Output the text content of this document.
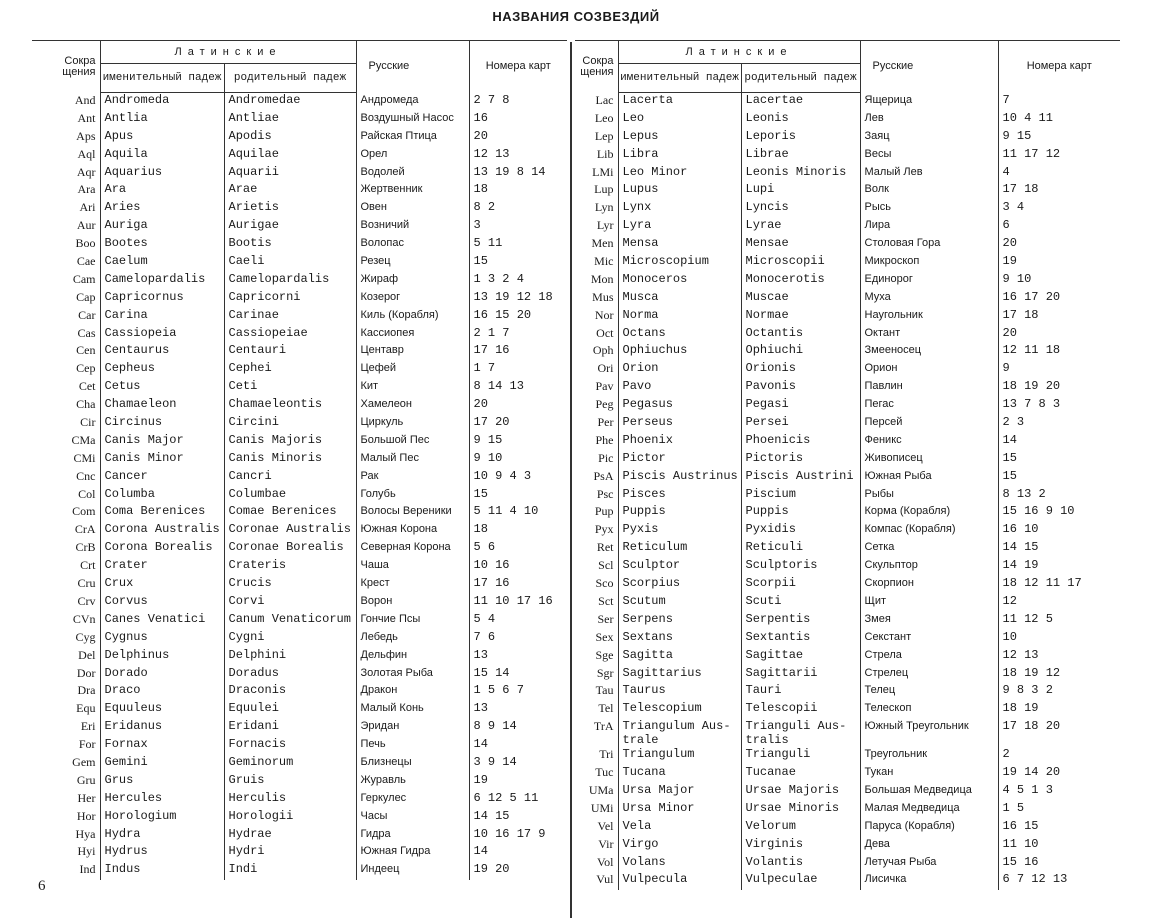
НАЗВАНИЯ СОЗВЕЗДИЙ
Сокра щения	Латинские		Русские	Номера карт
	именительный падеж	родительный падеж		
And	Andromeda	Andromedae	Андромеда	2 7 8
Ant	Antlia	Antliae	Воздушный Насос	16
Aps	Apus	Apodis	Райская Птица	20
Aql	Aquila	Aquilae	Орел	12 13
Aqr	Aquarius	Aquarii	Водолей	13 19 8 14
Ara	Ara	Arae	Жертвенник	18
Ari	Aries	Arietis	Овен	8 2
Aur	Auriga	Aurigae	Возничий	3
Boo	Bootes	Bootis	Волопас	5 11
Cae	Caelum	Caeli	Резец	15
Cam	Camelopardalis	Camelopardalis	Жираф	1 3 2 4
Cap	Capricornus	Capricorni	Козерог	13 19 12 18
Car	Carina	Carinae	Киль (Корабля)	16 15 20
Cas	Cassiopeia	Cassiopeiae	Кассиопея	2 1 7
Cen	Centaurus	Centauri	Центавр	17 16
Cep	Cepheus	Cephei	Цефей	1 7
Cet	Cetus	Ceti	Кит	8 14 13
Cha	Chamaeleon	Chamaeleontis	Хамелеон	20
Cir	Circinus	Circini	Циркуль	17 20
CMa	Canis Major	Canis Majoris	Большой Пес	9 15
CMi	Canis Minor	Canis Minoris	Малый Пес	9 10
Cnc	Cancer	Cancri	Рак	10 9 4 3
Col	Columba	Columbae	Голубь	15
Com	Coma Berenices	Comae Berenices	Волосы Вереники	5 11 4 10
CrA	Corona Australis	Coronae Australis	Южная Корона	18
CrB	Corona Borealis	Coronae Borealis	Северная Корона	5 6
Crt	Crater	Crateris	Чаша	10 16
Cru	Crux	Crucis	Крест	17 16
Crv	Corvus	Corvi	Ворон	11 10 17 16
CVn	Canes Venatici	Canum Venaticorum	Гончие Псы	5 4
Cyg	Cygnus	Cygni	Лебедь	7 6
Del	Delphinus	Delphini	Дельфин	13
Dor	Dorado	Doradus	Золотая Рыба	15 14
Dra	Draco	Draconis	Дракон	1 5 6 7
Equ	Equuleus	Equulei	Малый Конь	13
Eri	Eridanus	Eridani	Эридан	8 9 14
For	Fornax	Fornacis	Печь	14
Gem	Gemini	Geminorum	Близнецы	3 9 14
Gru	Grus	Gruis	Журавль	19
Her	Hercules	Herculis	Геркулес	6 12 5 11
Hor	Horologium	Horologii	Часы	14 15
Hya	Hydra	Hydrae	Гидра	10 16 17 9
Hyi	Hydrus	Hydri	Южная Гидра	14
Ind	Indus	Indi	Индеец	19 20
Сокра щения	Латинские		Русские	Номера карт
	именительный падеж	родительный падеж		
Lac	Lacerta	Lacertae	Ящерица	7
Leo	Leo	Leonis	Лев	10 4 11
Lep	Lepus	Leporis	Заяц	9 15
Lib	Libra	Librae	Весы	11 17 12
LMi	Leo Minor	Leonis Minoris	Малый Лев	4
Lup	Lupus	Lupi	Волк	17 18
Lyn	Lynx	Lyncis	Рысь	3 4
Lyr	Lyra	Lyrae	Лира	6
Men	Mensa	Mensae	Столовая Гора	20
Mic	Microscopium	Microscopii	Микроскоп	19
Mon	Monoceros	Monocerotis	Единорог	9 10
Mus	Musca	Muscae	Муха	16 17 20
Nor	Norma	Normae	Наугольник	17 18
Oct	Octans	Octantis	Октант	20
Oph	Ophiuchus	Ophiuchi	Змееносец	12 11 18
Ori	Orion	Orionis	Орион	9
Pav	Pavo	Pavonis	Павлин	18 19 20
Peg	Pegasus	Pegasi	Пегас	13 7 8 3
Per	Perseus	Persei	Персей	2 3
Phe	Phoenix	Phoenicis	Феникс	14
Pic	Pictor	Pictoris	Живописец	15
PsA	Piscis Austrinus	Piscis Austrini	Южная Рыба	15
Psc	Pisces	Piscium	Рыбы	8 13 2
Pup	Puppis	Puppis	Корма (Корабля)	15 16 9 10
Pyx	Pyxis	Pyxidis	Компас (Корабля)	16 10
Ret	Reticulum	Reticuli	Сетка	14 15
Scl	Sculptor	Sculptoris	Скульптор	14 19
Sco	Scorpius	Scorpii	Скорпион	18 12 11 17
Sct	Scutum	Scuti	Щит	12
Ser	Serpens	Serpentis	Змея	11 12 5
Sex	Sextans	Sextantis	Секстант	10
Sge	Sagitta	Sagittae	Стрела	12 13
Sgr	Sagittarius	Sagittarii	Стрелец	18 19 12
Tau	Taurus	Tauri	Телец	9 8 3 2
Tel	Telescopium	Telescopii	Телескоп	18 19
TrA	Triangulum Aus- trale	Trianguli Aus- tralis	Южный Треугольник	17 18 20
Tri	Triangulum	Trianguli	Треугольник	2
Tuc	Tucana	Tucanae	Тукан	19 14 20
UMa	Ursa Major	Ursae Majoris	Большая Медведица	4 5 1 3
UMi	Ursa Minor	Ursae Minoris	Малая Медведица	1 5
Vel	Vela	Velorum	Паруса (Корабля)	16 15
Vir	Virgo	Virginis	Дева	11 10
Vol	Volans	Volantis	Летучая Рыба	15 16
Vul	Vulpecula	Vulpeculae	Лисичка	6 7 12 13
6
